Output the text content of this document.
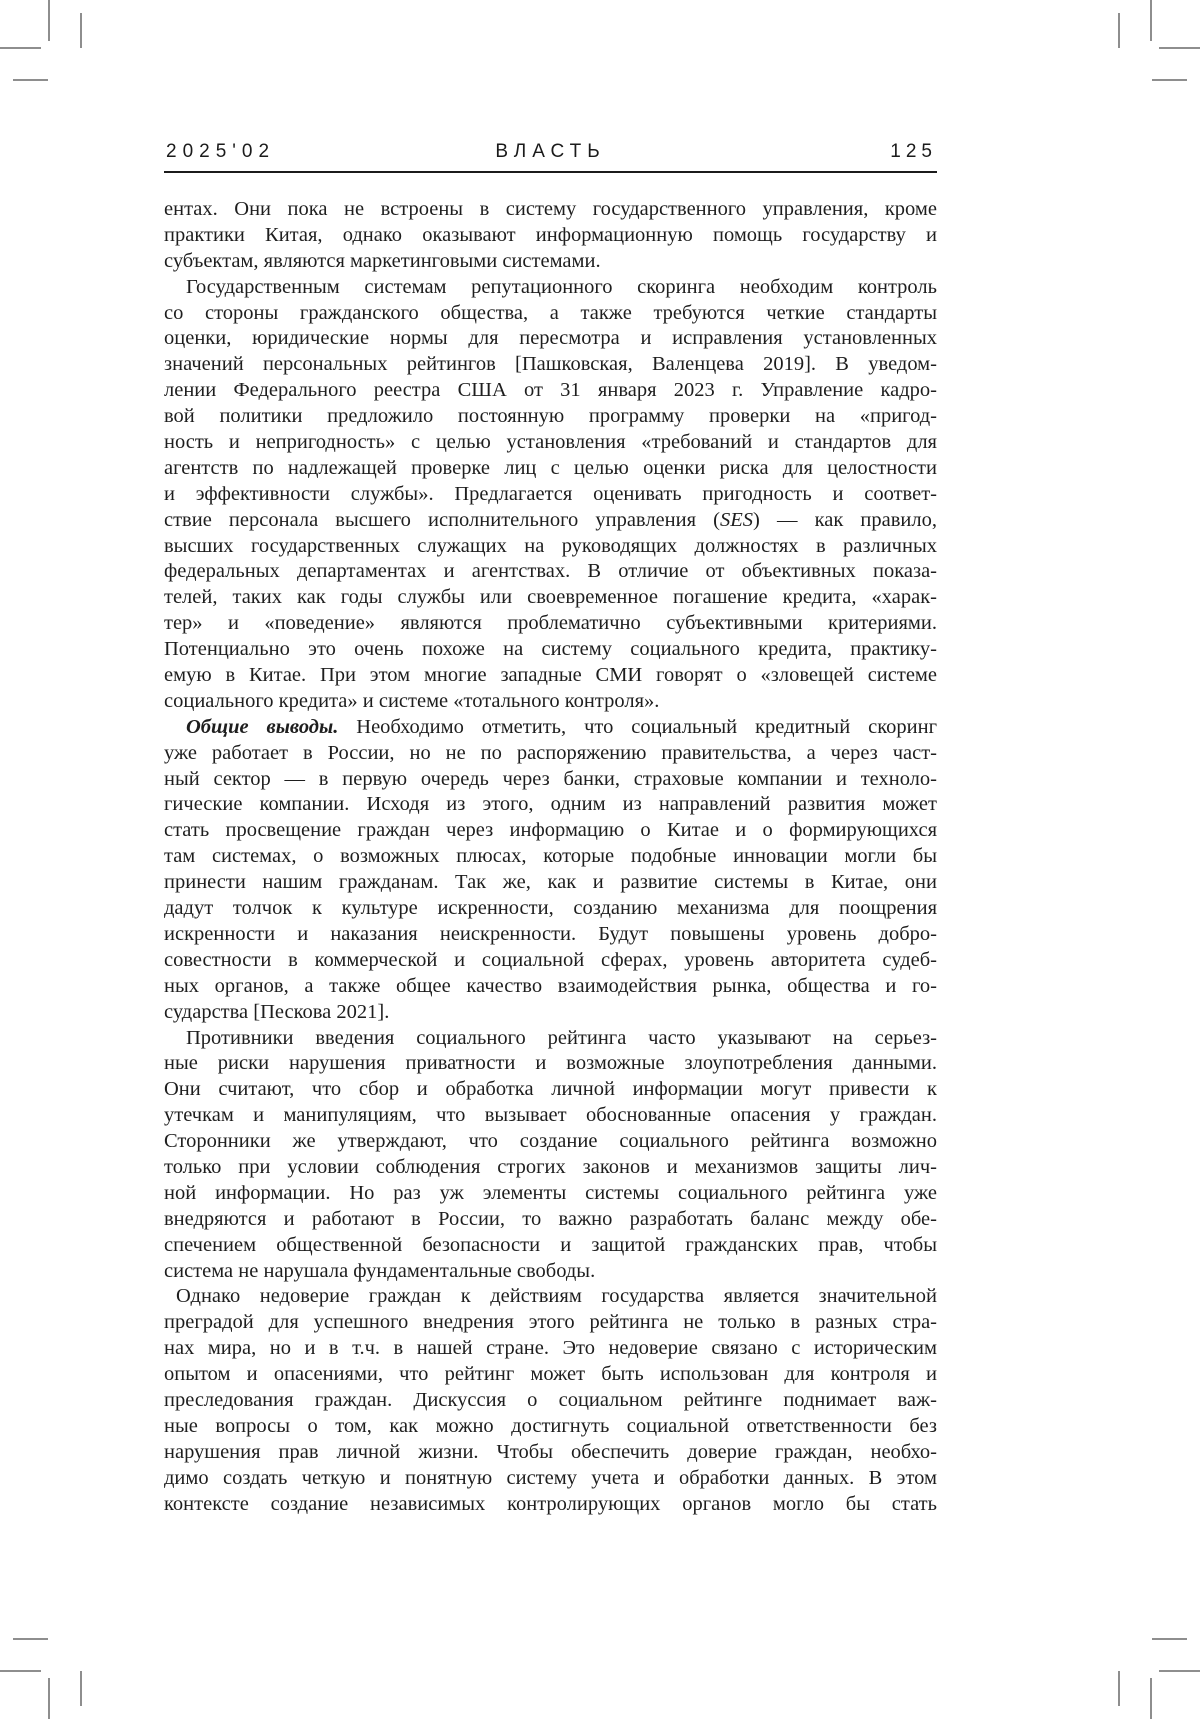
2025'02	ВЛАСТЬ	125

ентах. Они пока не встроены в систему государственного управления, кроме
практики Китая, однако оказывают информационную помощь государству и
субъектам, являются маркетинговыми системами.

Государственным системам репутационного скоринга необходим контроль
со стороны гражданского общества, а также требуются четкие стандарты
оценки, юридические нормы для пересмотра и исправления установленных
значений персональных рейтингов [Пашковская, Валенцева 2019]. В уведом-
лении Федерального реестра США от 31 января 2023 г. Управление кадро-
вой политики предложило постоянную программу проверки на «пригод-
ность и непригодность» с целью установления «требований и стандартов для
агентств по надлежащей проверке лиц с целью оценки риска для целостности
и эффективности службы». Предлагается оценивать пригодность и соответ-
ствие персонала высшего исполнительного управления (SES) — как правило,
высших государственных служащих на руководящих должностях в различных
федеральных департаментах и агентствах. В отличие от объективных показа-
телей, таких как годы службы или своевременное погашение кредита, «харак-
тер» и «поведение» являются проблематично субъективными критериями.
Потенциально это очень похоже на систему социального кредита, практику-
емую в Китае. При этом многие западные СМИ говорят о «зловещей системе
социального кредита» и системе «тотального контроля».

Общие выводы. Необходимо отметить, что социальный кредитный скоринг
уже работает в России, но не по распоряжению правительства, а через част-
ный сектор — в первую очередь через банки, страховые компании и техноло-
гические компании. Исходя из этого, одним из направлений развития может
стать просвещение граждан через информацию о Китае и о формирующихся
там системах, о возможных плюсах, которые подобные инновации могли бы
принести нашим гражданам. Так же, как и развитие системы в Китае, они
дадут толчок к культуре искренности, созданию механизма для поощрения
искренности и наказания неискренности. Будут повышены уровень добро-
совестности в коммерческой и социальной сферах, уровень авторитета судеб-
ных органов, а также общее качество взаимодействия рынка, общества и го-
сударства [Пескова 2021].

Противники введения социального рейтинга часто указывают на серьез-
ные риски нарушения приватности и возможные злоупотребления данными.
Они считают, что сбор и обработка личной информации могут привести к
утечкам и манипуляциям, что вызывает обоснованные опасения у граждан.
Сторонники же утверждают, что создание социального рейтинга возможно
только при условии соблюдения строгих законов и механизмов защиты лич-
ной информации. Но раз уж элементы системы социального рейтинга уже
внедряются и работают в России, то важно разработать баланс между обе-
спечением общественной безопасности и защитой гражданских прав, чтобы
система не нарушала фундаментальные свободы.

Однако недоверие граждан к действиям государства является значительной
преградой для успешного внедрения этого рейтинга не только в разных стра-
нах мира, но и в т.ч. в нашей стране. Это недоверие связано с историческим
опытом и опасениями, что рейтинг может быть использован для контроля и
преследования граждан. Дискуссия о социальном рейтинге поднимает важ-
ные вопросы о том, как можно достигнуть социальной ответственности без
нарушения прав личной жизни. Чтобы обеспечить доверие граждан, необхо-
димо создать четкую и понятную систему учета и обработки данных. В этом
контексте создание независимых контролирующих органов могло бы стать
